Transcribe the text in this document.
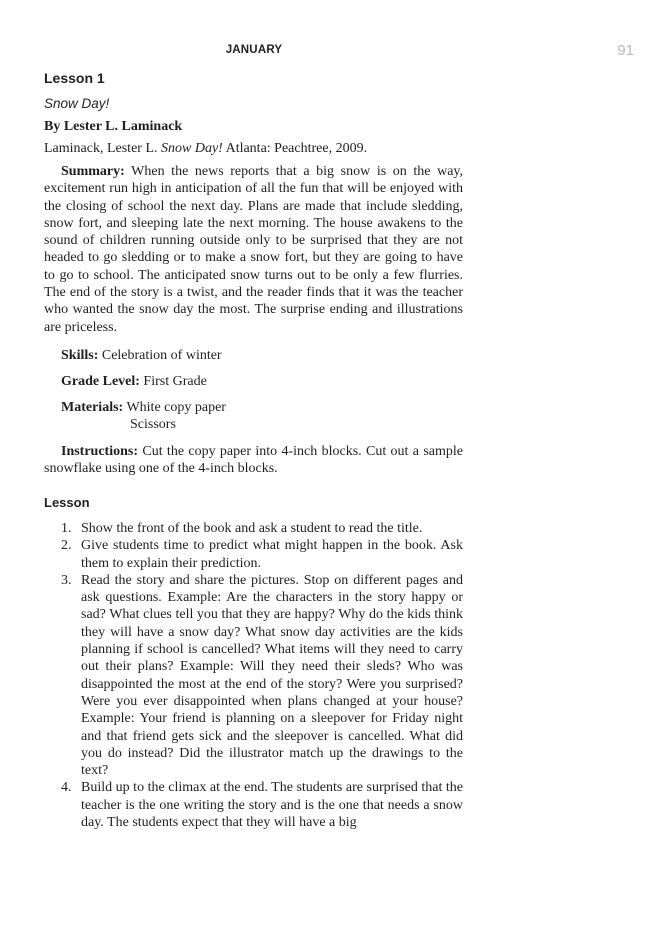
JANUARY	91
Lesson 1
Snow Day!
By Lester L. Laminack
Laminack, Lester L. Snow Day! Atlanta: Peachtree, 2009.

Summary: When the news reports that a big snow is on the way, excitement run high in anticipation of all the fun that will be enjoyed with the closing of school the next day. Plans are made that include sledding, snow fort, and sleeping late the next morning. The house awakens to the sound of children running outside only to be surprised that they are not headed to go sledding or to make a snow fort, but they are going to have to go to school. The anticipated snow turns out to be only a few flurries. The end of the story is a twist, and the reader finds that it was the teacher who wanted the snow day the most. The surprise ending and illustrations are priceless.

Skills: Celebration of winter
Grade Level: First Grade
Materials: White copy paper
Scissors

Instructions: Cut the copy paper into 4-inch blocks. Cut out a sample snowflake using one of the 4-inch blocks.

Lesson
1. Show the front of the book and ask a student to read the title.
2. Give students time to predict what might happen in the book. Ask them to explain their prediction.
3. Read the story and share the pictures. Stop on different pages and ask questions. Example: Are the characters in the story happy or sad? What clues tell you that they are happy? Why do the kids think they will have a snow day? What snow day activities are the kids planning if school is cancelled? What items will they need to carry out their plans? Example: Will they need their sleds? Who was disappointed the most at the end of the story? Were you surprised? Were you ever disappointed when plans changed at your house? Example: Your friend is planning on a sleepover for Friday night and that friend gets sick and the sleepover is cancelled. What did you do instead? Did the illustrator match up the drawings to the text?
4. Build up to the climax at the end. The students are surprised that the teacher is the one writing the story and is the one that needs a snow day. The students expect that they will have a big
